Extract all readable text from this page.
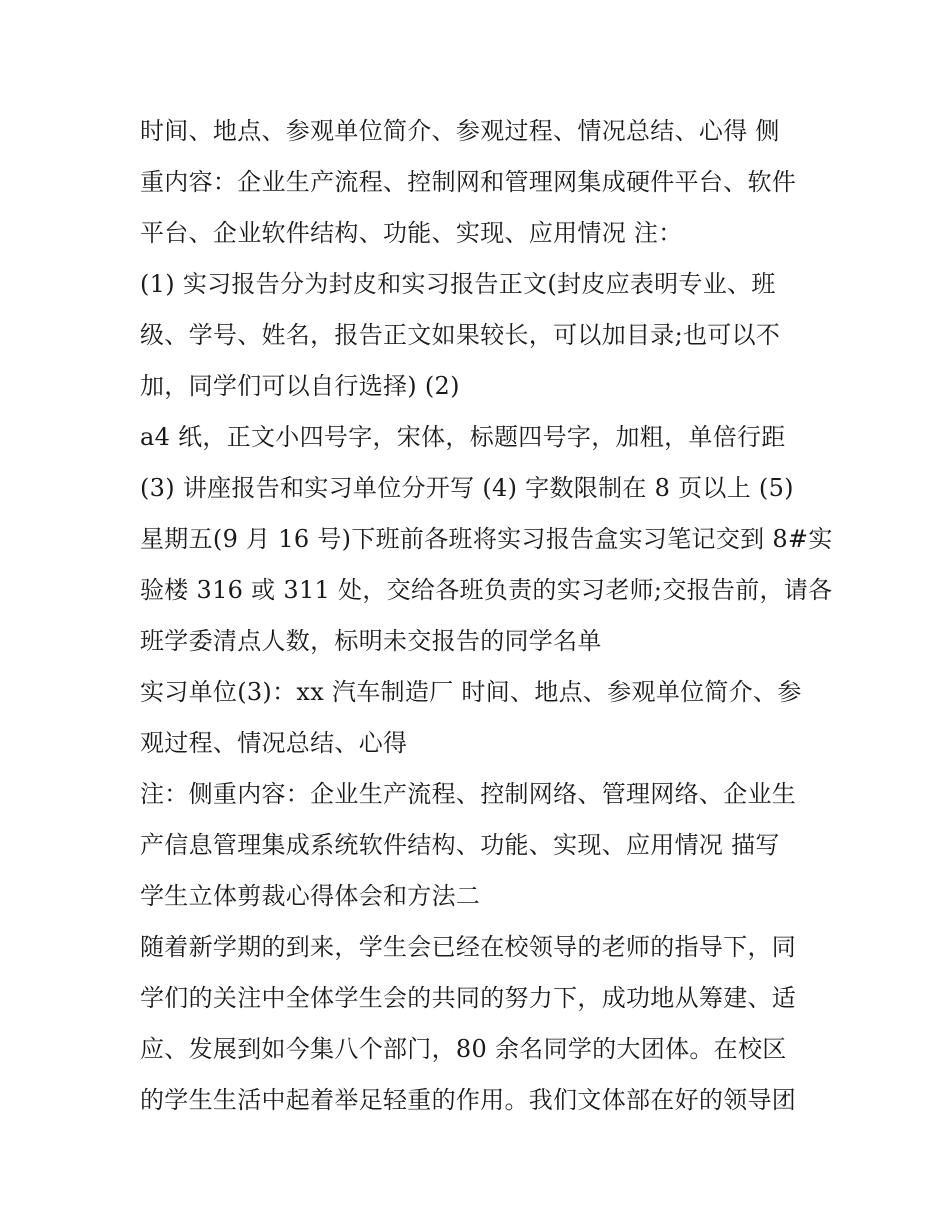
时间、地点、参观单位简介、参观过程、情况总结、心得 侧
重内容：企业生产流程、控制网和管理网集成硬件平台、软件
平台、企业软件结构、功能、实现、应用情况 注：
(1) 实习报告分为封皮和实习报告正文(封皮应表明专业、班
级、学号、姓名，报告正文如果较长，可以加目录;也可以不
加，同学们可以自行选择) (2)
a4 纸，正文小四号字，宋体，标题四号字，加粗，单倍行距
(3) 讲座报告和实习单位分开写 (4) 字数限制在 8 页以上 (5)
星期五(9 月 16 号)下班前各班将实习报告盒实习笔记交到 8#实
验楼 316 或 311 处，交给各班负责的实习老师;交报告前，请各
班学委清点人数，标明未交报告的同学名单
实习单位(3)：xx 汽车制造厂 时间、地点、参观单位简介、参
观过程、情况总结、心得
注：侧重内容：企业生产流程、控制网络、管理网络、企业生
产信息管理集成系统软件结构、功能、实现、应用情况 描写
学生立体剪裁心得体会和方法二
随着新学期的到来，学生会已经在校领导的老师的指导下，同
学们的关注中全体学生会的共同的努力下，成功地从筹建、适
应、发展到如今集八个部门，80 余名同学的大团体。在校区
的学生生活中起着举足轻重的作用。我们文体部在好的领导团
